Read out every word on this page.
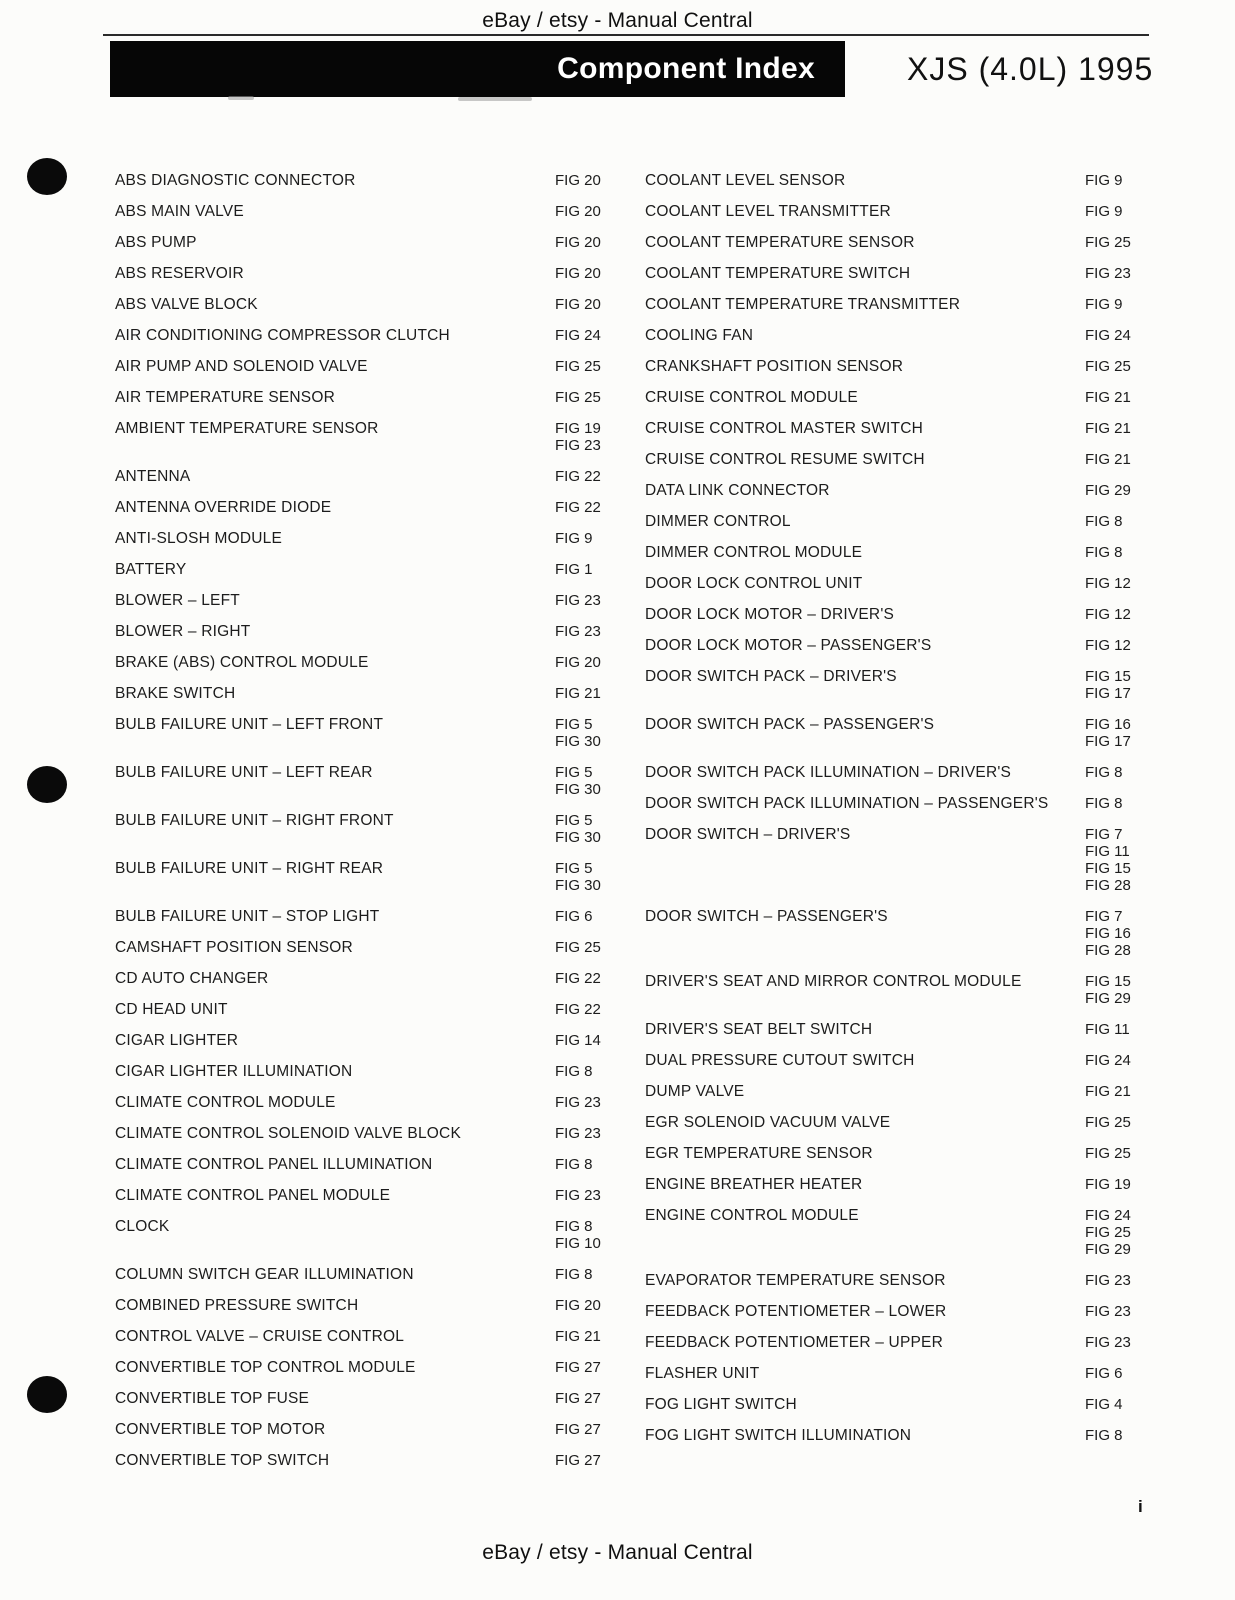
eBay / etsy - Manual Central
Component Index	XJS (4.0L) 1995
ABS DIAGNOSTIC CONNECTOR	FIG 20
ABS MAIN VALVE	FIG 20
ABS PUMP	FIG 20
ABS RESERVOIR	FIG 20
ABS VALVE BLOCK	FIG 20
AIR CONDITIONING COMPRESSOR CLUTCH	FIG 24
AIR PUMP AND SOLENOID VALVE	FIG 25
AIR TEMPERATURE SENSOR	FIG 25
AMBIENT TEMPERATURE SENSOR	FIG 19
FIG 23
ANTENNA	FIG 22
ANTENNA OVERRIDE DIODE	FIG 22
ANTI-SLOSH MODULE	FIG 9
BATTERY	FIG 1
BLOWER – LEFT	FIG 23
BLOWER – RIGHT	FIG 23
BRAKE (ABS) CONTROL MODULE	FIG 20
BRAKE SWITCH	FIG 21
BULB FAILURE UNIT – LEFT FRONT	FIG 5
FIG 30
BULB FAILURE UNIT – LEFT REAR	FIG 5
FIG 30
BULB FAILURE UNIT – RIGHT FRONT	FIG 5
FIG 30
BULB FAILURE UNIT – RIGHT REAR	FIG 5
FIG 30
BULB FAILURE UNIT – STOP LIGHT	FIG 6
CAMSHAFT POSITION SENSOR	FIG 25
CD AUTO CHANGER	FIG 22
CD HEAD UNIT	FIG 22
CIGAR LIGHTER	FIG 14
CIGAR LIGHTER ILLUMINATION	FIG 8
CLIMATE CONTROL MODULE	FIG 23
CLIMATE CONTROL SOLENOID VALVE BLOCK	FIG 23
CLIMATE CONTROL PANEL ILLUMINATION	FIG 8
CLIMATE CONTROL PANEL MODULE	FIG 23
CLOCK	FIG 8
FIG 10
COLUMN SWITCH GEAR ILLUMINATION	FIG 8
COMBINED PRESSURE SWITCH	FIG 20
CONTROL VALVE – CRUISE CONTROL	FIG 21
CONVERTIBLE TOP CONTROL MODULE	FIG 27
CONVERTIBLE TOP FUSE	FIG 27
CONVERTIBLE TOP MOTOR	FIG 27
CONVERTIBLE TOP SWITCH	FIG 27
COOLANT LEVEL SENSOR	FIG 9
COOLANT LEVEL TRANSMITTER	FIG 9
COOLANT TEMPERATURE SENSOR	FIG 25
COOLANT TEMPERATURE SWITCH	FIG 23
COOLANT TEMPERATURE TRANSMITTER	FIG 9
COOLING FAN	FIG 24
CRANKSHAFT POSITION SENSOR	FIG 25
CRUISE CONTROL MODULE	FIG 21
CRUISE CONTROL MASTER SWITCH	FIG 21
CRUISE CONTROL RESUME SWITCH	FIG 21
DATA LINK CONNECTOR	FIG 29
DIMMER CONTROL	FIG 8
DIMMER CONTROL MODULE	FIG 8
DOOR LOCK CONTROL UNIT	FIG 12
DOOR LOCK MOTOR – DRIVER'S	FIG 12
DOOR LOCK MOTOR – PASSENGER'S	FIG 12
DOOR SWITCH PACK – DRIVER'S	FIG 15
FIG 17
DOOR SWITCH PACK – PASSENGER'S	FIG 16
FIG 17
DOOR SWITCH PACK ILLUMINATION – DRIVER'S	FIG 8
DOOR SWITCH PACK ILLUMINATION – PASSENGER'S	FIG 8
DOOR SWITCH – DRIVER'S	FIG 7
FIG 11
FIG 15
FIG 28
DOOR SWITCH – PASSENGER'S	FIG 7
FIG 16
FIG 28
DRIVER'S SEAT AND MIRROR CONTROL MODULE	FIG 15
FIG 29
DRIVER'S SEAT BELT SWITCH	FIG 11
DUAL PRESSURE CUTOUT SWITCH	FIG 24
DUMP VALVE	FIG 21
EGR SOLENOID VACUUM VALVE	FIG 25
EGR TEMPERATURE SENSOR	FIG 25
ENGINE BREATHER HEATER	FIG 19
ENGINE CONTROL MODULE	FIG 24
FIG 25
FIG 29
EVAPORATOR TEMPERATURE SENSOR	FIG 23
FEEDBACK POTENTIOMETER – LOWER	FIG 23
FEEDBACK POTENTIOMETER – UPPER	FIG 23
FLASHER UNIT	FIG 6
FOG LIGHT SWITCH	FIG 4
FOG LIGHT SWITCH ILLUMINATION	FIG 8
i
eBay / etsy - Manual Central
